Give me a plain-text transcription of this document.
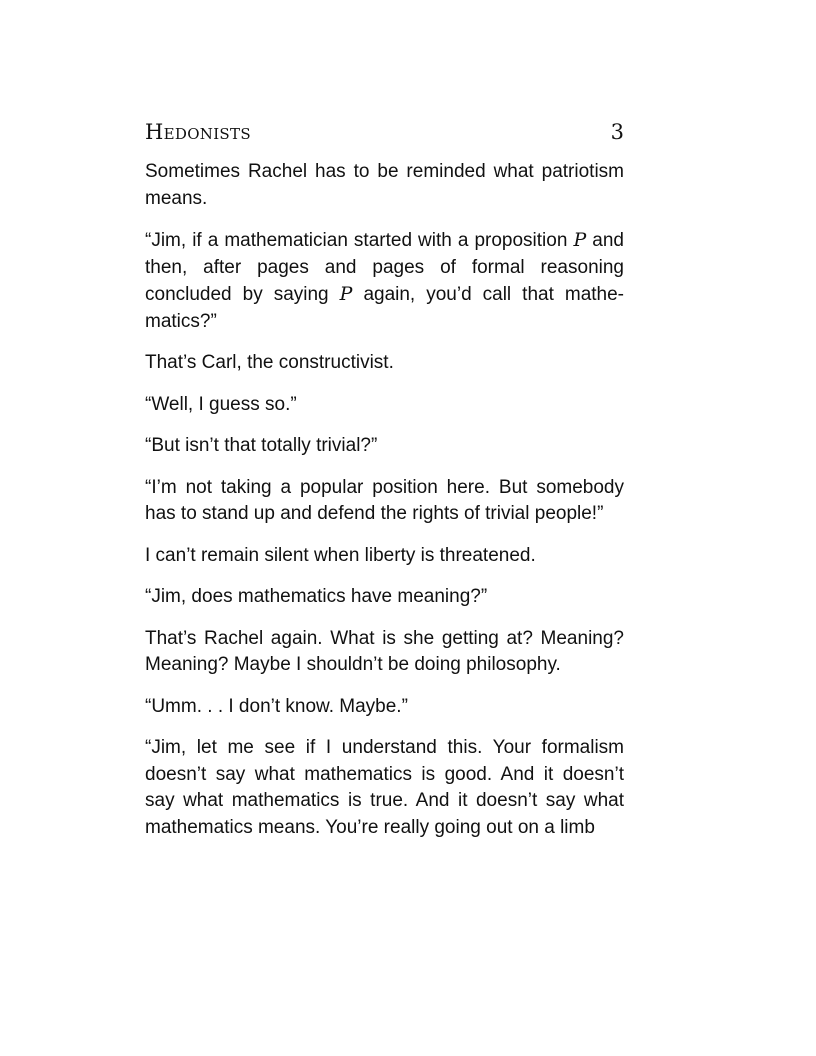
Hedonists	3

Sometimes Rachel has to be reminded what patriotism means.

“Jim, if a mathematician started with a proposition P and then, after pages and pages of formal reasoning concluded by saying P again, you’d call that mathematics?”

That’s Carl, the constructivist.

“Well, I guess so.”

“But isn’t that totally trivial?”

“I’m not taking a popular position here. But somebody has to stand up and defend the rights of trivial people!”

I can’t remain silent when liberty is threatened.

“Jim, does mathematics have meaning?”

That’s Rachel again. What is she getting at? Meaning? Meaning? Maybe I shouldn’t be doing philosophy.

“Umm. . . I don’t know. Maybe.”

“Jim, let me see if I understand this. Your formalism doesn’t say what mathematics is good. And it doesn’t say what mathematics is true. And it doesn’t say what mathematics means. You’re really going out on a limb
